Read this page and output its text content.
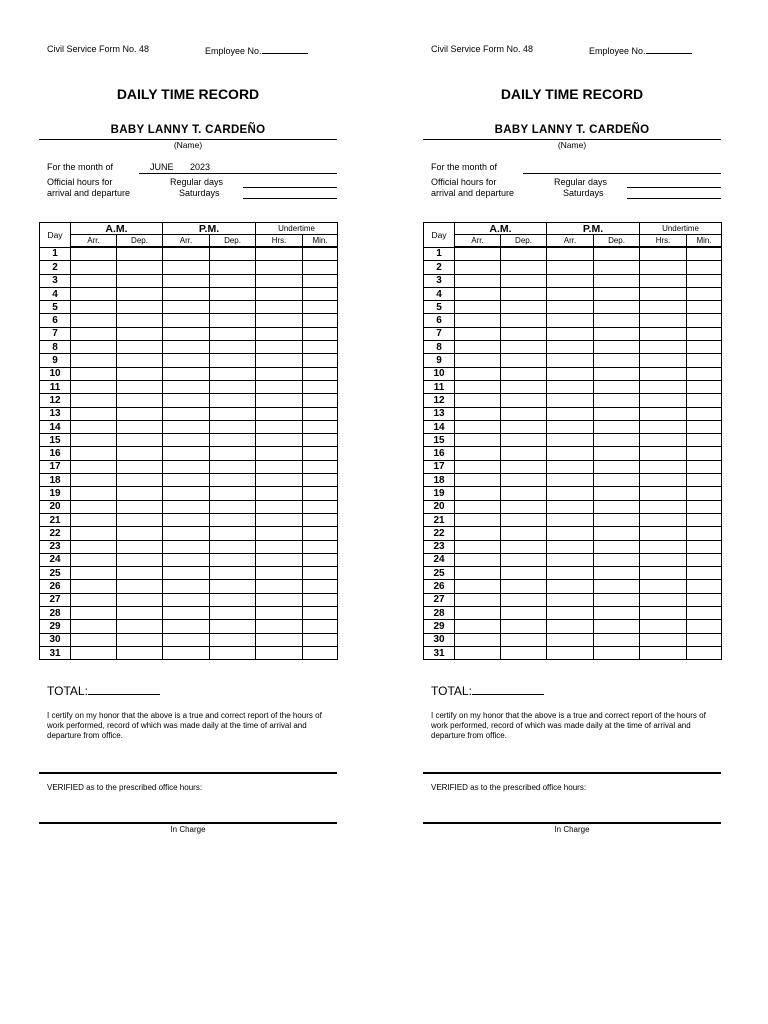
Civil Service Form No. 48	Employee No.
DAILY TIME RECORD
BABY LANNY T. CARDEÑO
(Name)
For the month of	JUNE 2023
Official hours for
arrival and departure
Regular days
Saturdays
Day	A.M.		P.M.		Undertime	
	Arr.	Dep.	Arr.	Dep.	Hrs.	Min.
1						
2						
3						
4						
5						
6						
7						
8						
9						
10						
11						
12						
13						
14						
15						
16						
17						
18						
19						
20						
21						
22						
23						
24						
25						
26						
27						
28						
29						
30						
31						
TOTAL:
I certify on my honor that the above is a true and correct report of the hours of work performed, record of which was made daily at the time of arrival and departure from office.
VERIFIED as to the prescribed office hours:
In Charge
Civil Service Form No. 48	Employee No.
DAILY TIME RECORD
BABY LANNY T. CARDEÑO
(Name)
For the month of
Official hours for
arrival and departure
Regular days
Saturdays
Day	A.M.		P.M.		Undertime	
	Arr.	Dep.	Arr.	Dep.	Hrs.	Min.
1						
2						
3						
4						
5						
6						
7						
8						
9						
10						
11						
12						
13						
14						
15						
16						
17						
18						
19						
20						
21						
22						
23						
24						
25						
26						
27						
28						
29						
30						
31						
TOTAL:
I certify on my honor that the above is a true and correct report of the hours of work performed, record of which was made daily at the time of arrival and departure from office.
VERIFIED as to the prescribed office hours:
In Charge
